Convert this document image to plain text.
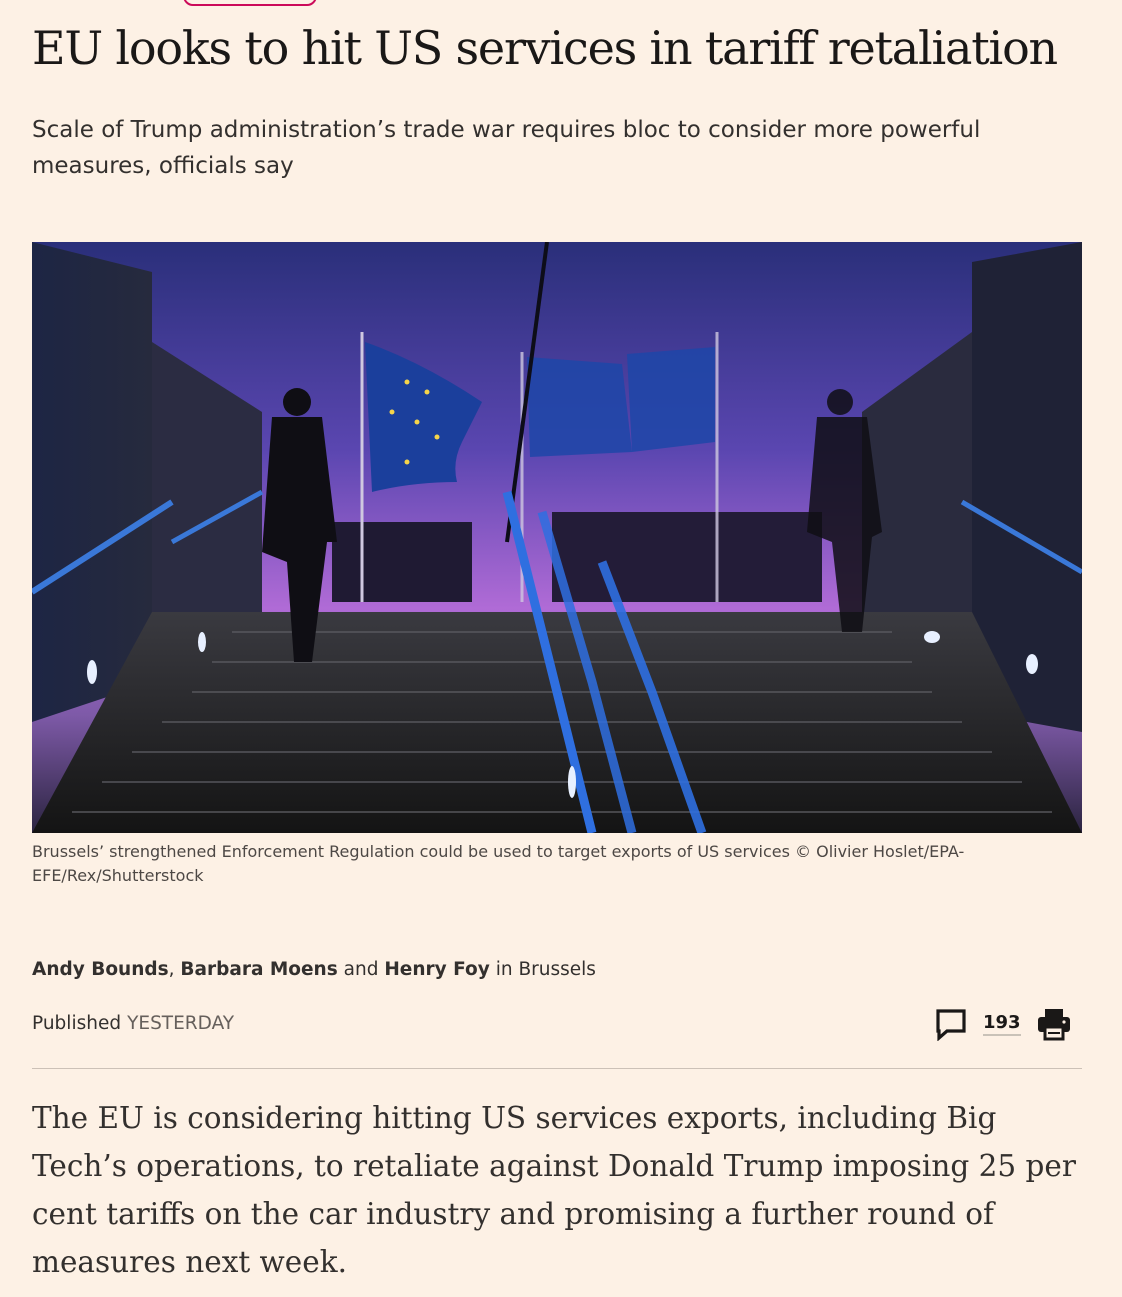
EU looks to hit US services in tariff retaliation

Scale of Trump administration’s trade war requires bloc to consider more powerful measures, officials say

Brussels’ strengthened Enforcement Regulation could be used to target exports of US services © Olivier Hoslet/EPA-EFE/Rex/Shutterstock

Andy Bounds, Barbara Moens and Henry Foy in Brussels

Published YESTERDAY	193

The EU is considering hitting US services exports, including Big Tech’s operations, to retaliate against Donald Trump imposing 25 per cent tariffs on the car industry and promising a further round of measures next week.
